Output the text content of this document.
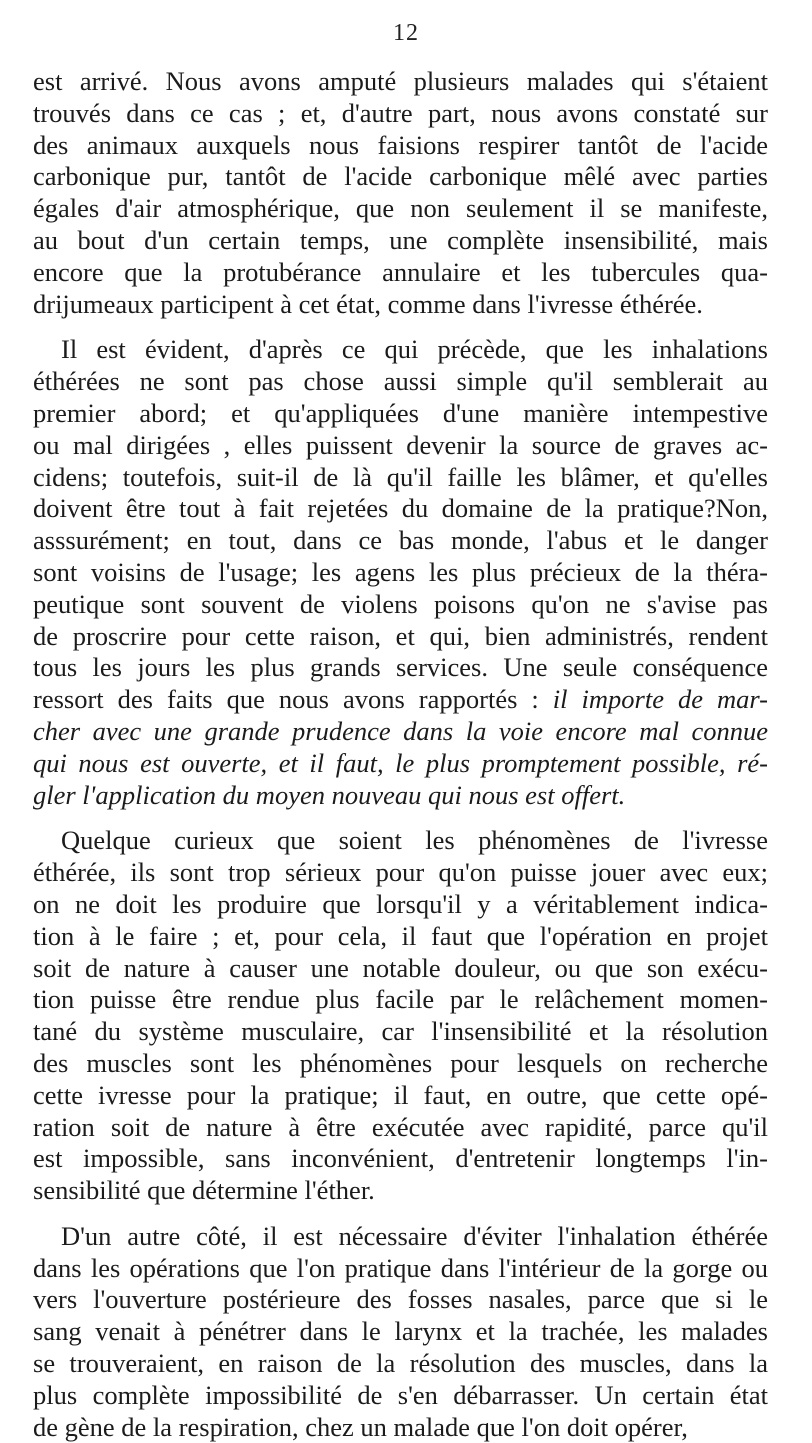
12
est arrivé. Nous avons amputé plusieurs malades qui s'étaient
trouvés dans ce cas ; et, d'autre part, nous avons constaté sur
des animaux auxquels nous faisions respirer tantôt de l'acide
carbonique pur, tantôt de l'acide carbonique mêlé avec parties
égales d'air atmosphérique, que non seulement il se manifeste,
au bout d'un certain temps, une complète insensibilité, mais
encore que la protubérance annulaire et les tubercules qua-
drijumeaux participent à cet état, comme dans l'ivresse éthérée.
Il est évident, d'après ce qui précède, que les inhalations
éthérées ne sont pas chose aussi simple qu'il semblerait au
premier abord; et qu'appliquées d'une manière intempestive
ou mal dirigées , elles puissent devenir la source de graves ac-
cidens; toutefois, suit-il de là qu'il faille les blâmer, et qu'elles
doivent être tout à fait rejetées du domaine de la pratique?Non,
asssurément; en tout, dans ce bas monde, l'abus et le danger
sont voisins de l'usage; les agens les plus précieux de la théra-
peutique sont souvent de violens poisons qu'on ne s'avise pas
de proscrire pour cette raison, et qui, bien administrés, rendent
tous les jours les plus grands services. Une seule conséquence
ressort des faits que nous avons rapportés : il importe de mar-
cher avec une grande prudence dans la voie encore mal connue
qui nous est ouverte, et il faut, le plus promptement possible, ré-
gler l'application du moyen nouveau qui nous est offert.
Quelque curieux que soient les phénomènes de l'ivresse
éthérée, ils sont trop sérieux pour qu'on puisse jouer avec eux;
on ne doit les produire que lorsqu'il y a véritablement indica-
tion à le faire ; et, pour cela, il faut que l'opération en projet
soit de nature à causer une notable douleur, ou que son exécu-
tion puisse être rendue plus facile par le relâchement momen-
tané du système musculaire, car l'insensibilité et la résolution
des muscles sont les phénomènes pour lesquels on recherche
cette ivresse pour la pratique; il faut, en outre, que cette opé-
ration soit de nature à être exécutée avec rapidité, parce qu'il
est impossible, sans inconvénient, d'entretenir longtemps l'in-
sensibilité que détermine l'éther.
D'un autre côté, il est nécessaire d'éviter l'inhalation éthérée
dans les opérations que l'on pratique dans l'intérieur de la gorge ou
vers l'ouverture postérieure des fosses nasales, parce que si le
sang venait à pénétrer dans le larynx et la trachée, les malades
se trouveraient, en raison de la résolution des muscles, dans la
plus complète impossibilité de s'en débarrasser. Un certain état
de gène de la respiration, chez un malade que l'on doit opérer,
